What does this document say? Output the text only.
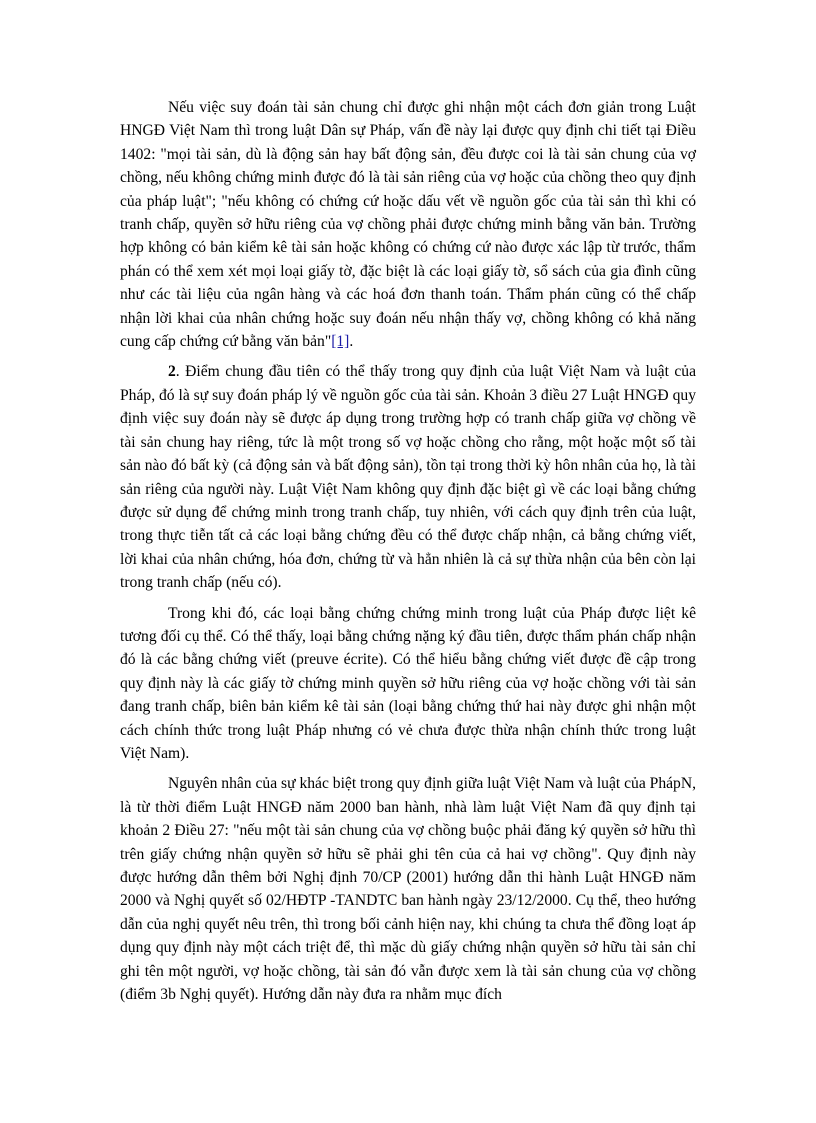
Nếu việc suy đoán tài sản chung chỉ được ghi nhận một cách đơn giản trong Luật HNGĐ Việt Nam thì trong luật Dân sự Pháp, vấn đề này lại được quy định chi tiết tại Điều 1402: "mọi tài sản, dù là động sản hay bất động sản, đều được coi là tài sản chung của vợ chồng, nếu không chứng minh được đó là tài sản riêng của vợ hoặc của chồng theo quy định của pháp luật"; "nếu không có chứng cứ hoặc dấu vết về nguồn gốc của tài sản thì khi có tranh chấp, quyền sở hữu riêng của vợ chồng phải được chứng minh bằng văn bản. Trường hợp không có bản kiểm kê tài sản hoặc không có chứng cứ nào được xác lập từ trước, thẩm phán có thể xem xét mọi loại giấy tờ, đặc biệt là các loại giấy tờ, sổ sách của gia đình cũng như các tài liệu của ngân hàng và các hoá đơn thanh toán. Thẩm phán cũng có thể chấp nhận lời khai của nhân chứng hoặc suy đoán nếu nhận thấy vợ, chồng không có khả năng cung cấp chứng cứ bằng văn bản"[1].

2. Điểm chung đầu tiên có thể thấy trong quy định của luật Việt Nam và luật của Pháp, đó là sự suy đoán pháp lý về nguồn gốc của tài sản. Khoản 3 điều 27 Luật HNGĐ quy định việc suy đoán này sẽ được áp dụng trong trường hợp có tranh chấp giữa vợ chồng về tài sản chung hay riêng, tức là một trong số vợ hoặc chồng cho rằng, một hoặc một số tài sản nào đó bất kỳ (cả động sản và bất động sản), tồn tại trong thời kỳ hôn nhân của họ, là tài sản riêng của người này. Luật Việt Nam không quy định đặc biệt gì về các loại bằng chứng được sử dụng để chứng minh trong tranh chấp, tuy nhiên, với cách quy định trên của luật, trong thực tiễn tất cả các loại bằng chứng đều có thể được chấp nhận, cả bằng chứng viết, lời khai của nhân chứng, hóa đơn, chứng từ và hẳn nhiên là cả sự thừa nhận của bên còn lại trong tranh chấp (nếu có).

Trong khi đó, các loại bằng chứng chứng minh trong luật của Pháp được liệt kê tương đối cụ thể. Có thể thấy, loại bằng chứng nặng ký đầu tiên, được thẩm phán chấp nhận đó là các bằng chứng viết (preuve écrite). Có thể hiểu bằng chứng viết được đề cập trong quy định này là các giấy tờ chứng minh quyền sở hữu riêng của vợ hoặc chồng với tài sản đang tranh chấp, biên bản kiểm kê tài sản (loại bằng chứng thứ hai này được ghi nhận một cách chính thức trong luật Pháp nhưng có vẻ chưa được thừa nhận chính thức trong luật Việt Nam).

Nguyên nhân của sự khác biệt trong quy định giữa luật Việt Nam và luật của PhápN, là từ thời điểm Luật HNGĐ năm 2000 ban hành, nhà làm luật Việt Nam đã quy định tại khoản 2 Điều 27: "nếu một tài sản chung của vợ chồng buộc phải đăng ký quyền sở hữu thì trên giấy chứng nhận quyền sở hữu sẽ phải ghi tên của cả hai vợ chồng". Quy định này được hướng dẫn thêm bởi Nghị định 70/CP (2001) hướng dẫn thi hành Luật HNGĐ năm 2000 và Nghị quyết số 02/HĐTP -TANDTC ban hành ngày 23/12/2000. Cụ thể, theo hướng dẫn của nghị quyết nêu trên, thì trong bối cảnh hiện nay, khi chúng ta chưa thể đồng loạt áp dụng quy định này một cách triệt để, thì mặc dù giấy chứng nhận quyền sở hữu tài sản chỉ ghi tên một người, vợ hoặc chồng, tài sản đó vẫn được xem là tài sản chung của vợ chồng (điểm 3b Nghị quyết). Hướng dẫn này đưa ra nhằm mục đích
